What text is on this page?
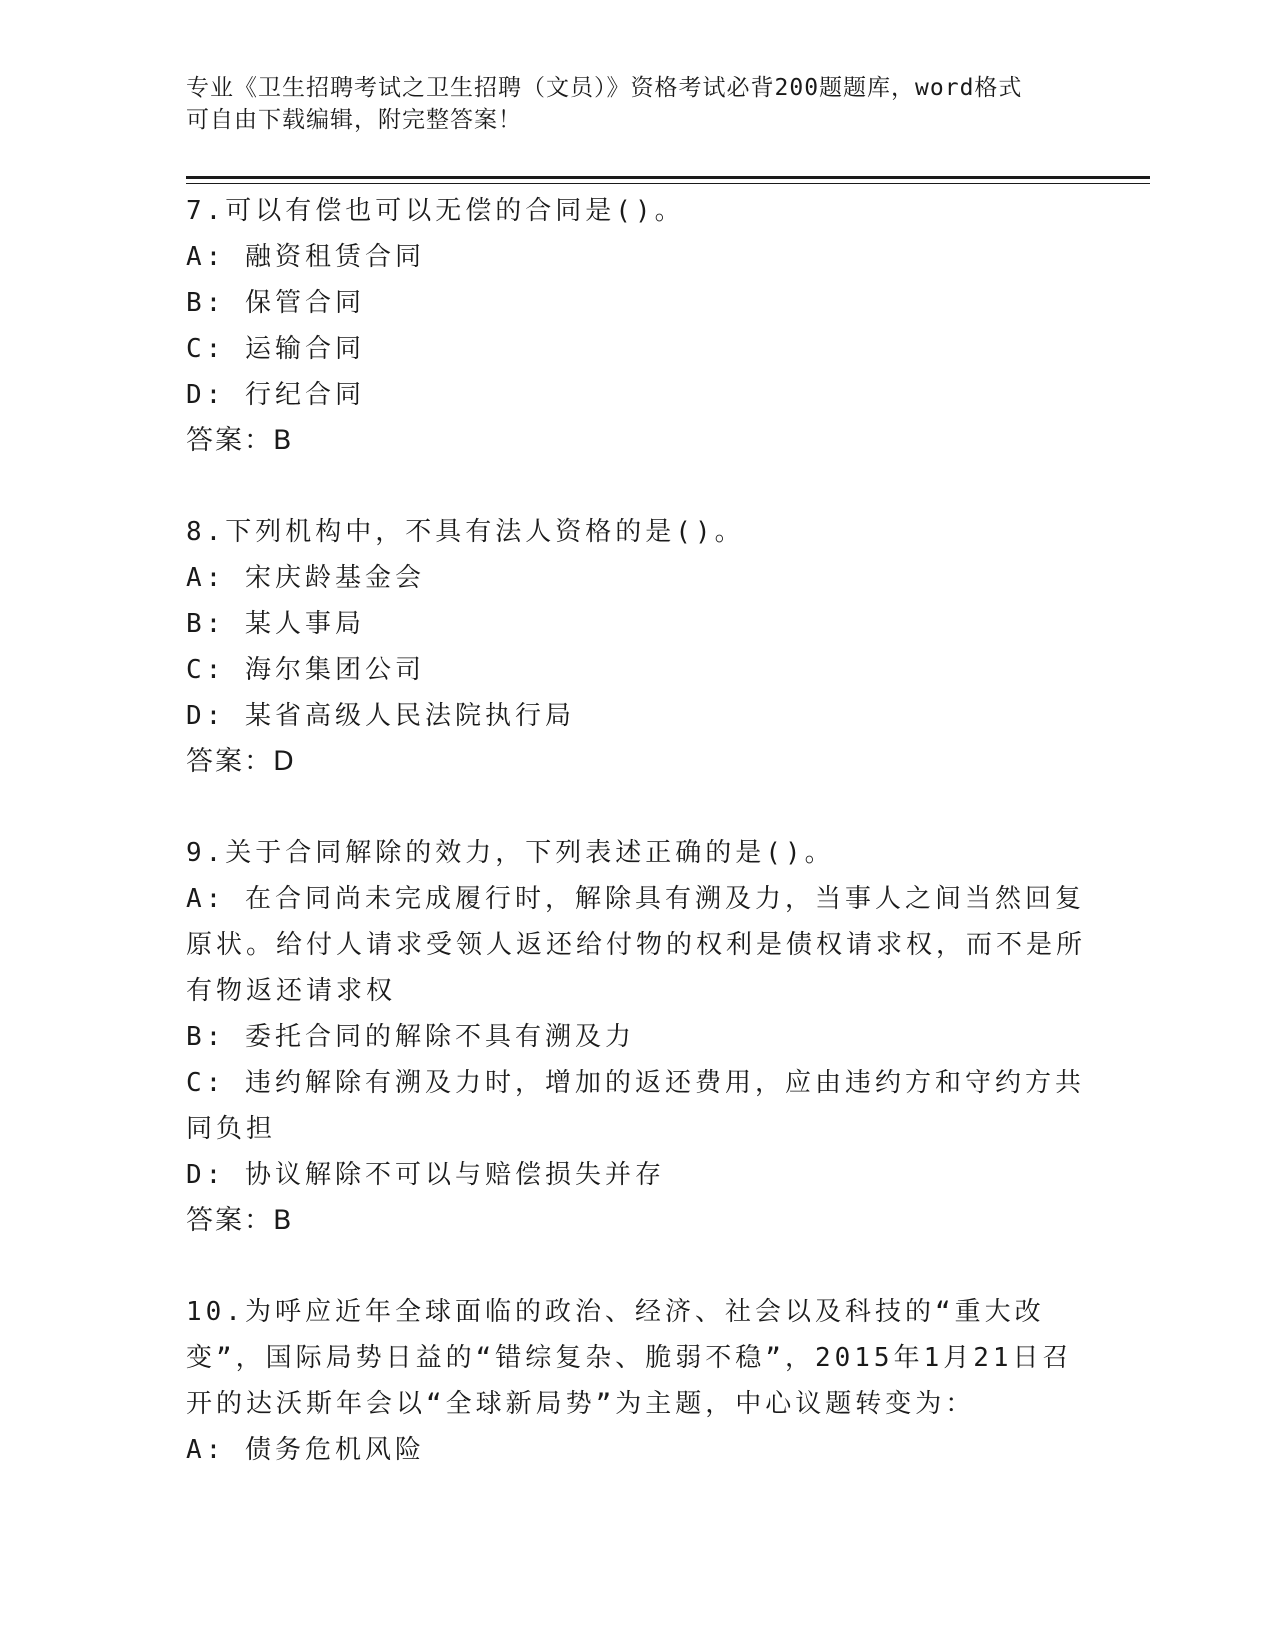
专业《卫生招聘考试之卫生招聘（文员）》资格考试必背200题题库，word格式
可自由下载编辑，附完整答案！
7.可以有偿也可以无偿的合同是()。
A: 融资租赁合同
B: 保管合同
C: 运输合同
D: 行纪合同
答案：B
8.下列机构中，不具有法人资格的是()。
A: 宋庆龄基金会
B: 某人事局
C: 海尔集团公司
D: 某省高级人民法院执行局
答案：D
9.关于合同解除的效力，下列表述正确的是()。
A: 在合同尚未完成履行时，解除具有溯及力，当事人之间当然回复原状。给付人请求受领人返还给付物的权利是债权请求权，而不是所有物返还请求权
B: 委托合同的解除不具有溯及力
C: 违约解除有溯及力时，增加的返还费用，应由违约方和守约方共同负担
D: 协议解除不可以与赔偿损失并存
答案：B
10.为呼应近年全球面临的政治、经济、社会以及科技的“重大改变”，国际局势日益的“错综复杂、脆弱不稳”，2015年1月21日召开的达沃斯年会以“全球新局势”为主题，中心议题转变为：
A: 债务危机风险
